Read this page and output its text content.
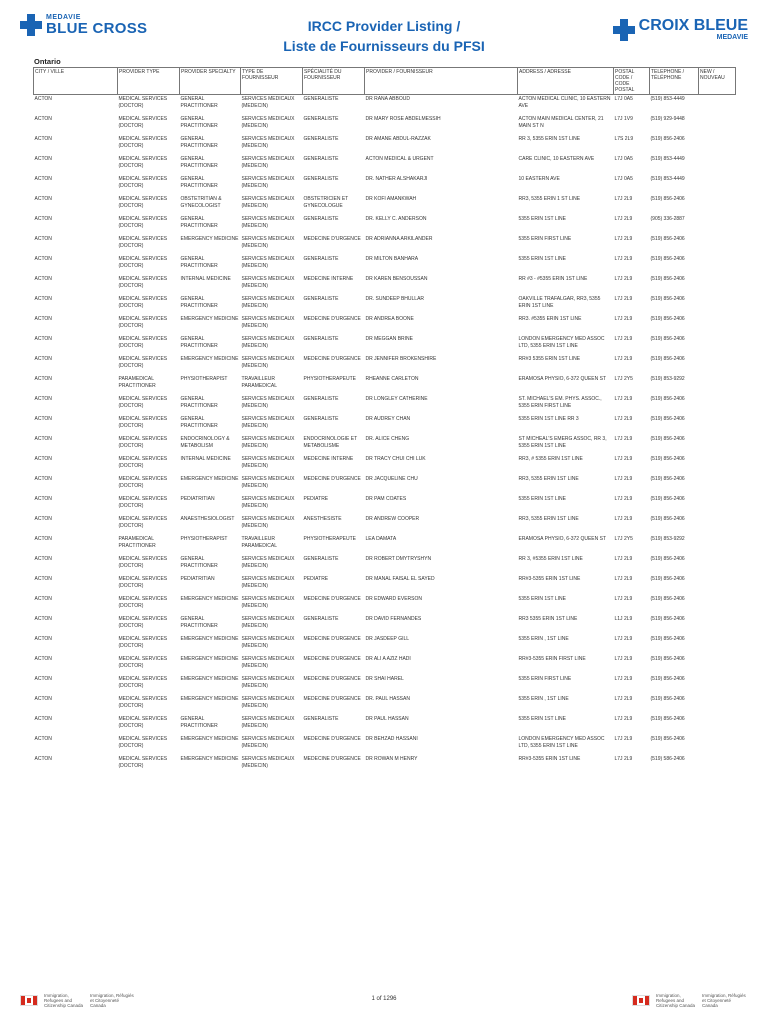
MEDAVIE
BLUE CROSS	IRCC Provider Listing /
Liste de Fournisseurs du PFSI
CROIX BLEUE
MEDAVIE
Ontario
CITY / VILLE	PROVIDER TYPE	PROVIDER SPECIALTY	TYPE DE FOURNISSEUR	SPÉCIALITÉ DU FOURNISSEUR	PROVIDER / FOURNISSEUR	ADDRESS / ADRESSE	POSTAL CODE / CODE POSTAL	TELEPHONE / TÉLÉPHONE	NEW / NOUVEAU
ACTON	MEDICAL SERVICES (DOCTOR)	GENERAL PRACTITIONER	SERVICES MEDICAUX (MEDECIN)	GENERALISTE	DR RANA ABBOUD	ACTON MEDICAL CLINIC, 10 EASTERN AVE	L7J 0A5	(519) 853-4449	
ACTON	MEDICAL SERVICES (DOCTOR)	GENERAL PRACTITIONER	SERVICES MEDICAUX (MEDECIN)	GENERALISTE	DR MARY ROSE ABDELMESSIH	ACTON MAIN MEDICAL CENTER, 21 MAIN ST N	L7J 1V9	(519) 929-9448	
ACTON	MEDICAL SERVICES (DOCTOR)	GENERAL PRACTITIONER	SERVICES MEDICAUX (MEDECIN)	GENERALISTE	DR AMANE ABDUL-RAZZAK	RR 3, 5355 ERIN 1ST LINE	L7S 2L9	(519) 856-2406	
ACTON	MEDICAL SERVICES (DOCTOR)	GENERAL PRACTITIONER	SERVICES MEDICAUX (MEDECIN)	GENERALISTE	ACTON MEDICAL & URGENT	CARE CLINIC, 10 EASTERN AVE	L7J 0A5	(519) 853-4449	
ACTON	MEDICAL SERVICES (DOCTOR)	GENERAL PRACTITIONER	SERVICES MEDICAUX (MEDECIN)	GENERALISTE	DR. NATHER ALSHAKARJI	10 EASTERN AVE	L7J 0A5	(519) 853-4449	
ACTON	MEDICAL SERVICES (DOCTOR)	OBSTETRITIAN & GYNECOLOGIST	SERVICES MEDICAUX (MEDECIN)	OBSTETRICIEN ET GYNECOLOGUE	DR KOFI AMANKWAH	RR3, 5355 ERIN 1 ST LINE	L7J 2L9	(519) 856-2406	
ACTON	MEDICAL SERVICES (DOCTOR)	GENERAL PRACTITIONER	SERVICES MEDICAUX (MEDECIN)	GENERALISTE	DR. KELLY C. ANDERSON	5355 ERIN 1ST LINE	L7J 2L9	(905) 336-2887	
ACTON	MEDICAL SERVICES (DOCTOR)	EMERGENCY MEDICINE	SERVICES MEDICAUX (MEDECIN)	MEDECINE D'URGENCE	DR ADRIANNA ARKILANDER	5355 ERIN FIRST LINE	L7J 2L9	(519) 856-2406	
ACTON	MEDICAL SERVICES (DOCTOR)	GENERAL PRACTITIONER	SERVICES MEDICAUX (MEDECIN)	GENERALISTE	DR MILTON BANHARA	5355 ERIN 1ST LINE	L7J 2L9	(519) 856-2406	
ACTON	MEDICAL SERVICES (DOCTOR)	INTERNAL MEDICINE	SERVICES MEDICAUX (MEDECIN)	MEDECINE INTERNE	DR KAREN BENSOUSSAN	RR #3 - #5355 ERIN 1ST LINE	L7J 2L9	(519) 856-2406	
ACTON	MEDICAL SERVICES (DOCTOR)	GENERAL PRACTITIONER	SERVICES MEDICAUX (MEDECIN)	GENERALISTE	DR. SUNDEEP BHULLAR	OAKVILLE TRAFALGAR, RR3, 5355 ERIN 1ST LINE	L7J 2L9	(519) 856-2406	
ACTON	MEDICAL SERVICES (DOCTOR)	EMERGENCY MEDICINE	SERVICES MEDICAUX (MEDECIN)	MEDECINE D'URGENCE	DR ANDREA BOONE	RR3. #5355 ERIN 1ST LINE	L7J 2L9	(519) 856-2406	
ACTON	MEDICAL SERVICES (DOCTOR)	GENERAL PRACTITIONER	SERVICES MEDICAUX (MEDECIN)	GENERALISTE	DR MEGGAN BRINE	LONDON EMERGENCY MED ASSOC LTD, 5355 ERIN 1ST LINE	L7J 2L9	(519) 856-2406	
ACTON	MEDICAL SERVICES (DOCTOR)	EMERGENCY MEDICINE	SERVICES MEDICAUX (MEDECIN)	MEDECINE D'URGENCE	DR JENNIFER BROKENSHIRE	RR#3 5355 ERIN 1ST LINE	L7J 2L9	(519) 856-2406	
ACTON	PARAMEDICAL PRACTITIONER	PHYSIOTHERAPIST	TRAVAILLEUR PARAMEDICAL	PHYSIOTHERAPEUTE	RHEANNE CARLETON	ERAMOSA PHYSIO, 6-372 QUEEN ST	L7J 2Y5	(519) 853-9292	
ACTON	MEDICAL SERVICES (DOCTOR)	GENERAL PRACTITIONER	SERVICES MEDICAUX (MEDECIN)	GENERALISTE	DR LONGLEY CATHERINE	ST. MICHAEL'S EM. PHYS. ASSOC., 5355 ERIN FIRST LINE	L7J 2L9	(519) 856-2406	
ACTON	MEDICAL SERVICES (DOCTOR)	GENERAL PRACTITIONER	SERVICES MEDICAUX (MEDECIN)	GENERALISTE	DR AUDREY CHAN	5355 ERIN 1ST LINE RR 3	L7J 2L9	(519) 856-2406	
ACTON	MEDICAL SERVICES (DOCTOR)	ENDOCRINOLOGY & METABOLISM	SERVICES MEDICAUX (MEDECIN)	ENDOCRINOLOGIE ET METABOLISME	DR. ALICE CHENG	ST MICHEAL'S EMERG ASSOC, RR 3, 5355 ERIN 1ST LINE	L7J 2L9	(519) 856-2406	
ACTON	MEDICAL SERVICES (DOCTOR)	INTERNAL MEDICINE	SERVICES MEDICAUX (MEDECIN)	MEDECINE INTERNE	DR TRACY CHUI CHI LUK	RR3, # 5355 ERIN 1ST LINE	L7J 2L9	(519) 856-2406	
ACTON	MEDICAL SERVICES (DOCTOR)	EMERGENCY MEDICINE	SERVICES MEDICAUX (MEDECIN)	MEDECINE D'URGENCE	DR JACQUELINE CHU	RR3, 5355 ERIN 1ST LINE	L7J 2L9	(519) 856-2406	
ACTON	MEDICAL SERVICES (DOCTOR)	PEDIATRITIAN	SERVICES MEDICAUX (MEDECIN)	PEDIATRE	DR PAM COATES	5355 ERIN 1ST LINE	L7J 2L9	(519) 856-2406	
ACTON	MEDICAL SERVICES (DOCTOR)	ANAESTHESIOLOGIST	SERVICES MEDICAUX (MEDECIN)	ANESTHESISTE	DR ANDREW COOPER	RR3, 5355 ERIN 1ST LINE	L7J 2L9	(519) 856-2406	
ACTON	PARAMEDICAL PRACTITIONER	PHYSIOTHERAPIST	TRAVAILLEUR PARAMEDICAL	PHYSIOTHERAPEUTE	LEA DAMATA	ERAMOSA PHYSIO, 6-372 QUEEN ST	L7J 2Y5	(519) 853-9292	
ACTON	MEDICAL SERVICES (DOCTOR)	GENERAL PRACTITIONER	SERVICES MEDICAUX (MEDECIN)	GENERALISTE	DR ROBERT DMYTRYSHYN	RR 3, #5355 ERIN 1ST LINE	L7J 2L9	(519) 856-2406	
ACTON	MEDICAL SERVICES (DOCTOR)	PEDIATRITIAN	SERVICES MEDICAUX (MEDECIN)	PEDIATRE	DR MANAL FAISAL EL SAYED	RR#3-5355 ERIN 1ST LINE	L7J 2L9	(519) 856-2406	
ACTON	MEDICAL SERVICES (DOCTOR)	EMERGENCY MEDICINE	SERVICES MEDICAUX (MEDECIN)	MEDECINE D'URGENCE	DR EDWARD EVERSON	5355 ERIN 1ST LINE	L7J 2L9	(519) 856-2406	
ACTON	MEDICAL SERVICES (DOCTOR)	GENERAL PRACTITIONER	SERVICES MEDICAUX (MEDECIN)	GENERALISTE	DR DAVID FERNANDES	RR3 5355 ERIN 1ST LINE	L1J 2L9	(519) 856-2406	
ACTON	MEDICAL SERVICES (DOCTOR)	EMERGENCY MEDICINE	SERVICES MEDICAUX (MEDECIN)	MEDECINE D'URGENCE	DR JASDEEP GILL	5355 ERIN , 1ST LINE	L7J 2L9	(519) 856-2406	
ACTON	MEDICAL SERVICES (DOCTOR)	EMERGENCY MEDICINE	SERVICES MEDICAUX (MEDECIN)	MEDECINE D'URGENCE	DR ALI A AZIZ HADI	RR#3-5355 ERIN FIRST LINE	L7J 2L9	(519) 856-2406	
ACTON	MEDICAL SERVICES (DOCTOR)	EMERGENCY MEDICINE	SERVICES MEDICAUX (MEDECIN)	MEDECINE D'URGENCE	DR SHAI HAREL	5355 ERIN FIRST LINE	L7J 2L9	(519) 856-2406	
ACTON	MEDICAL SERVICES (DOCTOR)	EMERGENCY MEDICINE	SERVICES MEDICAUX (MEDECIN)	MEDECINE D'URGENCE	DR. PAUL HASSAN	5355 ERIN , 1ST LINE	L7J 2L9	(519) 856-2406	
ACTON	MEDICAL SERVICES (DOCTOR)	GENERAL PRACTITIONER	SERVICES MEDICAUX (MEDECIN)	GENERALISTE	DR PAUL HASSAN	5355 ERIN 1ST LINE	L7J 2L9	(519) 856-2406	
ACTON	MEDICAL SERVICES (DOCTOR)	EMERGENCY MEDICINE	SERVICES MEDICAUX (MEDECIN)	MEDECINE D'URGENCE	DR BEHZAD HASSANI	LONDON EMERGENCY MED ASSOC LTD, 5355 ERIN 1ST LINE	L7J 2L9	(519) 856-2406	
ACTON	MEDICAL SERVICES (DOCTOR)	EMERGENCY MEDICINE	SERVICES MEDICAUX (MEDECIN)	MEDECINE D'URGENCE	DR ROWAN M HENRY	RR#3-5355 ERIN 1ST LINE	L7J 2L9	(519) 586-2406	
Immigration, Refugees and Citizenship Canada
Immigration, Réfugiés et Citoyenneté Canada
1 of 1296
Immigration, Refugees and Citizenship Canada
Immigration, Réfugiés et Citoyenneté Canada
